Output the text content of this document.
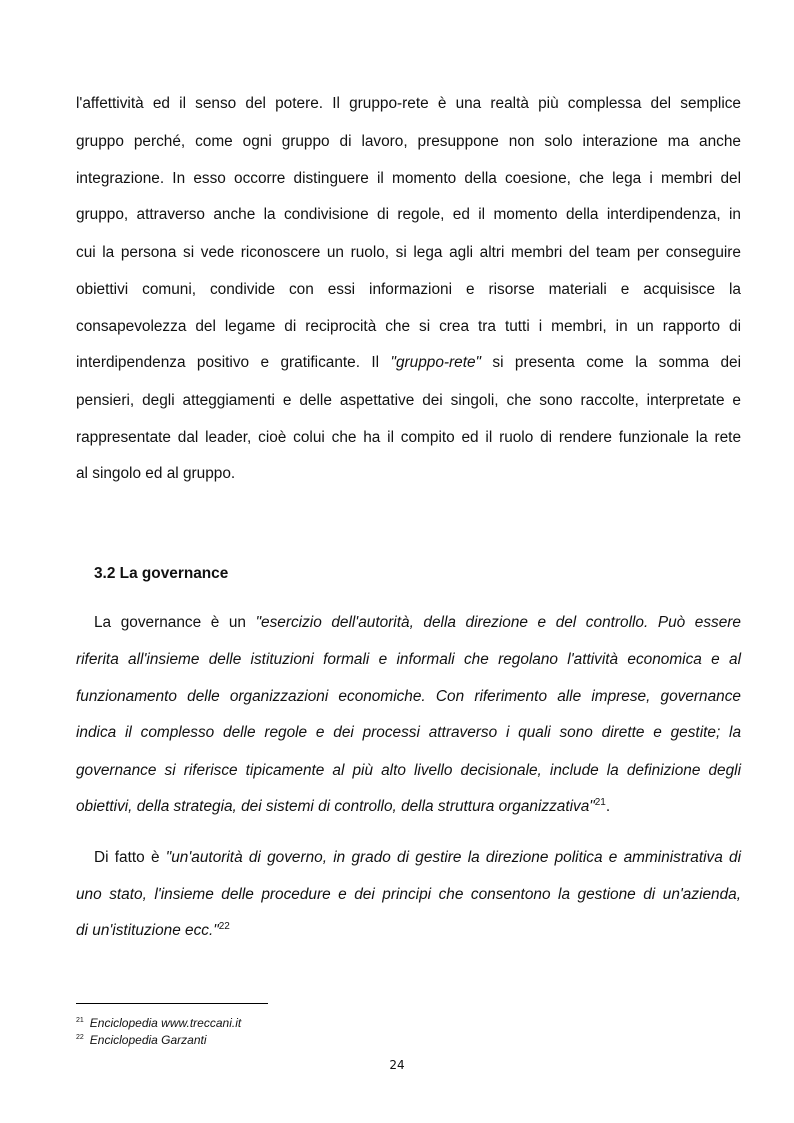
l'affettività ed il senso del potere. Il gruppo-rete è una realtà più complessa del semplice
gruppo perché, come ogni gruppo di lavoro, presuppone non solo interazione ma anche
integrazione. In esso occorre distinguere il momento della coesione, che lega i membri del
gruppo, attraverso anche la condivisione di regole, ed il momento della interdipendenza, in
cui la persona si vede riconoscere un ruolo, si lega agli altri membri del team per conseguire
obiettivi comuni, condivide con essi informazioni e risorse materiali e acquisisce la
consapevolezza del legame di reciprocità che si crea tra tutti i membri, in un rapporto di
interdipendenza positivo e gratificante. Il "gruppo-rete" si presenta come la somma dei
pensieri, degli atteggiamenti e delle aspettative dei singoli, che sono raccolte, interpretate e
rappresentate dal leader, cioè colui che ha il compito ed il ruolo di rendere funzionale la rete
al singolo ed al gruppo.
3.2 La governance
La governance è un "esercizio dell'autorità, della direzione e del controllo. Può essere
riferita all'insieme delle istituzioni formali e informali che regolano l'attività economica e al
funzionamento delle organizzazioni economiche. Con riferimento alle imprese, governance
indica il complesso delle regole e dei processi attraverso i quali sono dirette e gestite; la
governance si riferisce tipicamente al più alto livello decisionale, include la definizione degli
obiettivi, della strategia, dei sistemi di controllo, della struttura organizzativa"$^{21}$.
Di fatto è "un'autorità di governo, in grado di gestire la direzione politica e amministrativa di
uno stato, l'insieme delle procedure e dei principi che consentono la gestione di un'azienda,
di un'istituzione ecc."$^{22}$
$^{21}$ Enciclopedia www.treccani.it
$^{22}$ Enciclopedia Garzanti
24
